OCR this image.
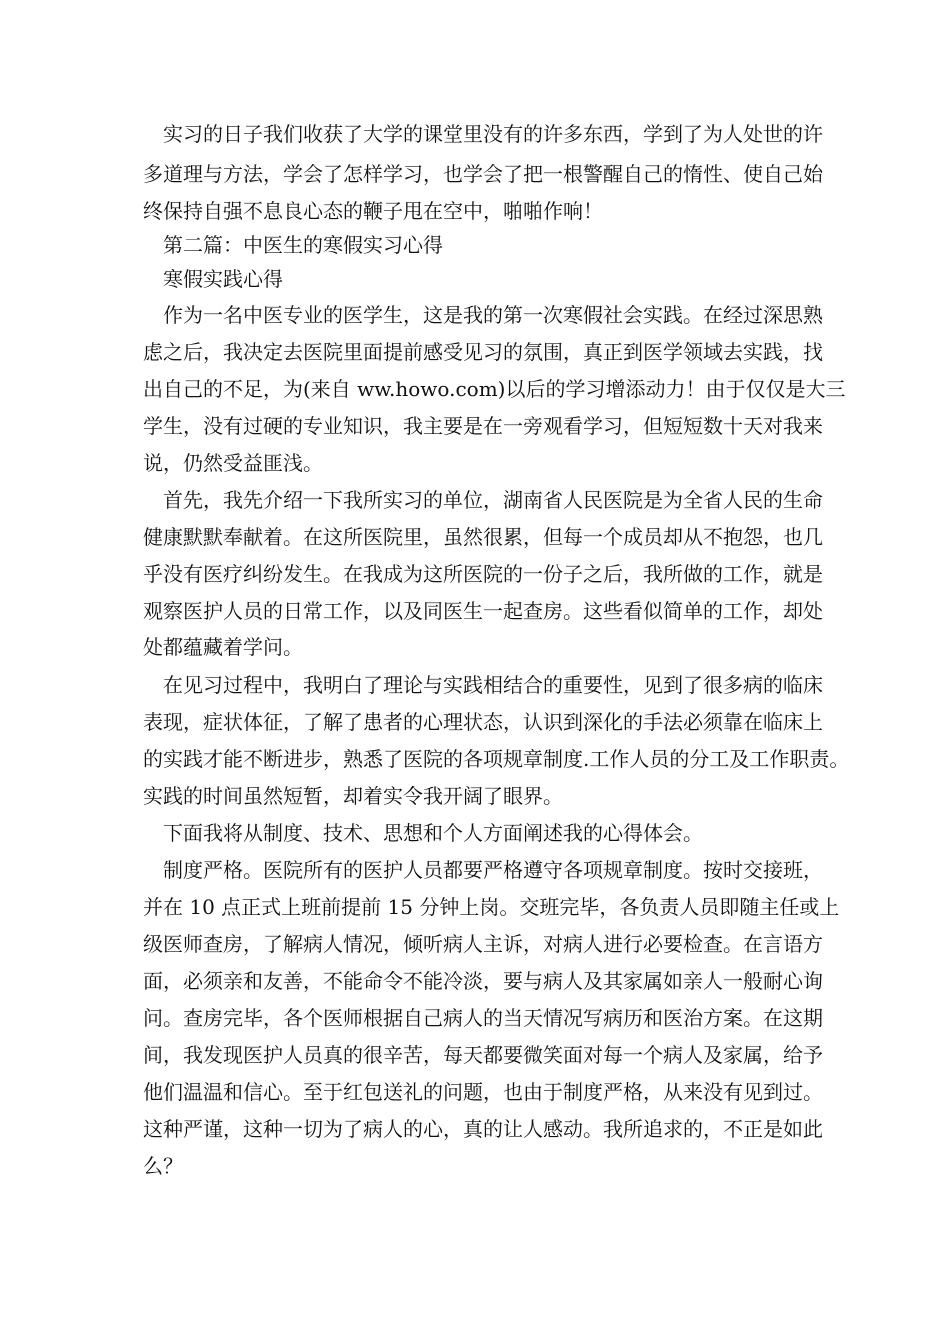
　实习的日子我们收获了大学的课堂里没有的许多东西，学到了为人处世的许
多道理与方法，学会了怎样学习，也学会了把一根警醒自己的惰性、使自己始
终保持自强不息良心态的鞭子甩在空中，啪啪作响！
　第二篇：中医生的寒假实习心得
　寒假实践心得
　作为一名中医专业的医学生，这是我的第一次寒假社会实践。在经过深思熟
虑之后，我决定去医院里面提前感受见习的氛围，真正到医学领域去实践，找
出自己的不足，为(来自 ww.howo.com)以后的学习增添动力！由于仅仅是大三
学生，没有过硬的专业知识，我主要是在一旁观看学习，但短短数十天对我来
说，仍然受益匪浅。
　首先，我先介绍一下我所实习的单位，湖南省人民医院是为全省人民的生命
健康默默奉献着。在这所医院里，虽然很累，但每一个成员却从不抱怨，也几
乎没有医疗纠纷发生。在我成为这所医院的一份子之后，我所做的工作，就是
观察医护人员的日常工作，以及同医生一起查房。这些看似简单的工作，却处
处都蕴藏着学问。
　在见习过程中，我明白了理论与实践相结合的重要性，见到了很多病的临床
表现，症状体征，了解了患者的心理状态，认识到深化的手法必须靠在临床上
的实践才能不断进步，熟悉了医院的各项规章制度.工作人员的分工及工作职责。
实践的时间虽然短暂，却着实令我开阔了眼界。
　下面我将从制度、技术、思想和个人方面阐述我的心得体会。
　制度严格。医院所有的医护人员都要严格遵守各项规章制度。按时交接班，
并在 10 点正式上班前提前 15 分钟上岗。交班完毕，各负责人员即随主任或上
级医师查房，了解病人情况，倾听病人主诉，对病人进行必要检查。在言语方
面，必须亲和友善，不能命令不能冷淡，要与病人及其家属如亲人一般耐心询
问。查房完毕，各个医师根据自己病人的当天情况写病历和医治方案。在这期
间，我发现医护人员真的很辛苦，每天都要微笑面对每一个病人及家属，给予
他们温温和信心。至于红包送礼的问题，也由于制度严格，从来没有见到过。
这种严谨，这种一切为了病人的心，真的让人感动。我所追求的，不正是如此
么？
